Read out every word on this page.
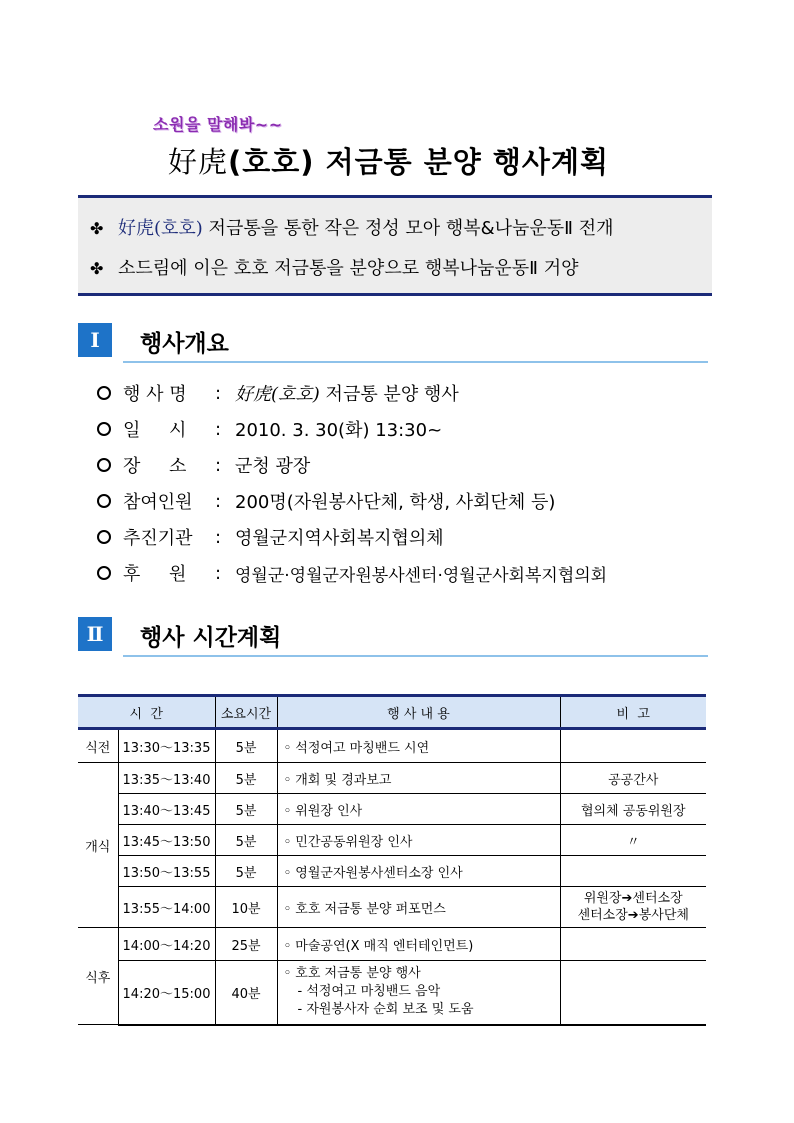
소원을 말해봐~~
好虎(호호) 저금통 분양 행사계획
✤ 好虎(호호) 저금통을 통한 작은 정성 모아 행복&나눔운동Ⅱ 전개
✤ 소드림에 이은 호호 저금통을 분양으로 행복나눔운동Ⅱ 거양
Ⅰ	행사개요
행 사 명	: 好虎(호호) 저금통 분양 행사
일     시	: 2010. 3. 30(화) 13:30~
장     소	: 군청 광장
참여인원	: 200명(자원봉사단체, 학생, 사회단체 등)
추진기관	: 영월군지역사회복지협의체
후     원	: 영월군·영월군자원봉사센터·영월군사회복지협의회
Ⅱ	행사 시간계획
시  간		소요시간	행 사 내 용	비  고
식전	13:30～13:35	5분	◦ 석정여고 마칭밴드 시연	
개식	13:35～13:40	5분	◦ 개회 및 경과보고	공공간사
	13:40～13:45	5분	◦ 위원장 인사	협의체 공동위원장
	13:45～13:50	5분	◦ 민간공동위원장 인사	〃
	13:50～13:55	5분	◦ 영월군자원봉사센터소장 인사	
	13:55～14:00	10분	◦ 호호 저금통 분양 퍼포먼스	위원장➔센터소장
센터소장➔봉사단체
식후	14:00～14:20	25분	◦ 마술공연(X 매직 엔터테인먼트)	
	14:20～15:00	40분	◦ 호호 저금통 분양 행사
- 석정여고 마칭밴드 음악
- 자원봉사자 순회 보조 및 도움	
